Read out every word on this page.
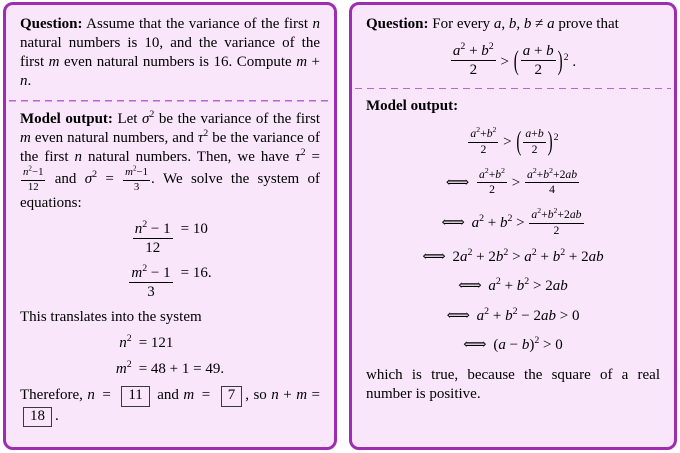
Question: Assume that the variance of the first n natural numbers is 10, and the variance of the first m even natural numbers is 16. Compute m + n.
Model output: Let $\sigma^2$ be the variance of the first m even natural numbers, and $\tau^2$ be the variance of the first n natural numbers. Then, we have $\tau^2$ =
$\frac{n^2-1}{12}$ and $\sigma^2 = \frac{m^2-1}{3}$ . We solve the system of equations:
$\frac{n^2 - 1}{12} = 10$
$\frac{m^2 - 1}{3} = 16$.
This translates into the system
$n^2 = 121$
$m^2 = 48 + 1 = 49$.
Therefore, n  =  11 and m  =  7 , so n + m =18 .
Question: For every a, b, b ≠ a prove that
$\frac{a^2 + b^2}{2}$ > ( $\frac{a + b}{2} )^2$ .
Model output:
$\frac{a^2+b^2}{2}$ > ( $\frac{a+b}{2} )^2$
⇐⇒ $\frac{a^2+b^2}{2} > \frac{a^2+b^2+2ab}{4}$
⇐⇒ $a^2 + b^2 > \frac{a^2+b^2+2ab}{2}$
⇐⇒ $2a^2 + 2b^2 > a^2 + b^2 + 2ab$
⇐⇒ $a^2 + b^2 > 2ab$
⇐⇒ $a^2 + b^2 - 2ab > 0$
⇐⇒ $(a - b)^2 > 0$
which is true, because the square of a real number is positive.
